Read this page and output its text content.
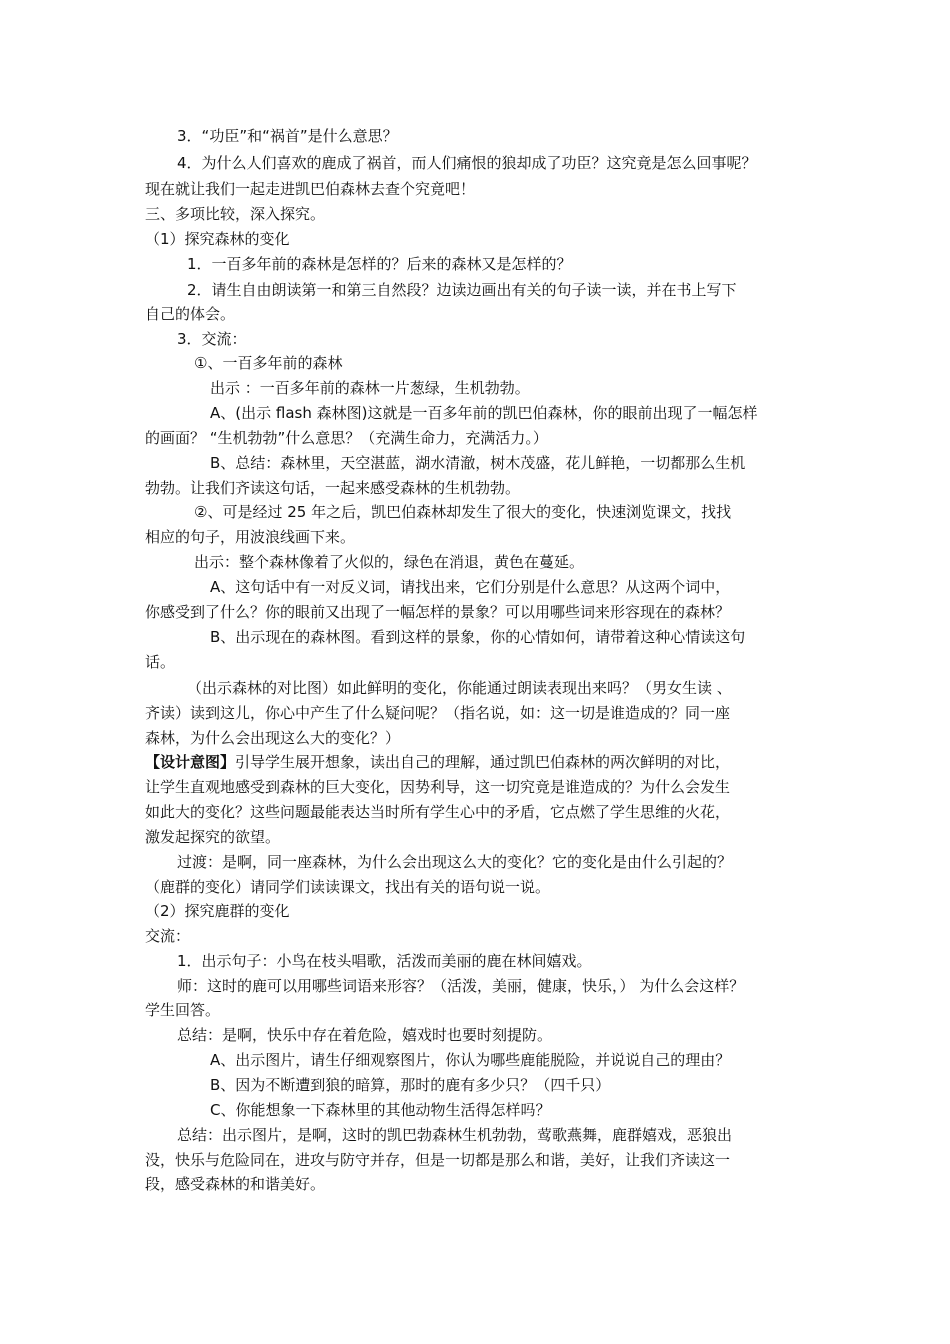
3．“功臣”和“祸首”是什么意思？
4．为什么人们喜欢的鹿成了祸首，而人们痛恨的狼却成了功臣？这究竟是怎么回事呢？
现在就让我们一起走进凯巴伯森林去查个究竟吧！
三、多项比较，深入探究。
（1）探究森林的变化
1．一百多年前的森林是怎样的？后来的森林又是怎样的？
2．请生自由朗读第一和第三自然段？边读边画出有关的句子读一读，并在书上写下
自己的体会。
3．交流：
①、一百多年前的森林
出示 ：一百多年前的森林一片葱绿，生机勃勃。
A、(出示 flash 森林图)这就是一百多年前的凯巴伯森林，你的眼前出现了一幅怎样
的画面？ “生机勃勃”什么意思？（充满生命力，充满活力。）
B、总结：森林里，天空湛蓝，湖水清澈，树木茂盛，花儿鲜艳，一切都那么生机
勃勃。让我们齐读这句话，一起来感受森林的生机勃勃。
②、可是经过 25 年之后，凯巴伯森林却发生了很大的变化，快速浏览课文，找找
相应的句子，用波浪线画下来。
出示：整个森林像着了火似的，绿色在消退，黄色在蔓延。
A、这句话中有一对反义词，请找出来，它们分别是什么意思？从这两个词中，
你感受到了什么？你的眼前又出现了一幅怎样的景象？可以用哪些词来形容现在的森林？
B、出示现在的森林图。看到这样的景象，你的心情如何，请带着这种心情读这句
话。
（出示森林的对比图）如此鲜明的变化，你能通过朗读表现出来吗？（男女生读 、
齐读）读到这儿，你心中产生了什么疑问呢？（指名说，如：这一切是谁造成的？同一座
森林，为什么会出现这么大的变化？）
【设计意图】引导学生展开想象，读出自己的理解，通过凯巴伯森林的两次鲜明的对比，
让学生直观地感受到森林的巨大变化，因势利导，这一切究竟是谁造成的？为什么会发生
如此大的变化？这些问题最能表达当时所有学生心中的矛盾，它点燃了学生思维的火花，
激发起探究的欲望。
过渡：是啊，同一座森林，为什么会出现这么大的变化？它的变化是由什么引起的？
（鹿群的变化）请同学们读读课文，找出有关的语句说一说。
（2）探究鹿群的变化
交流：
1．出示句子：小鸟在枝头唱歌，活泼而美丽的鹿在林间嬉戏。
师：这时的鹿可以用哪些词语来形容？（活泼，美丽，健康，快乐，） 为什么会这样？
学生回答。
总结：是啊，快乐中存在着危险，嬉戏时也要时刻提防。
A、出示图片，请生仔细观察图片，你认为哪些鹿能脱险，并说说自己的理由？
B、因为不断遭到狼的暗算，那时的鹿有多少只？（四千只）
C、你能想象一下森林里的其他动物生活得怎样吗？
总结：出示图片，是啊，这时的凯巴勃森林生机勃勃，莺歌燕舞，鹿群嬉戏，恶狼出
没，快乐与危险同在，进攻与防守并存，但是一切都是那么和谐，美好，让我们齐读这一
段，感受森林的和谐美好。
